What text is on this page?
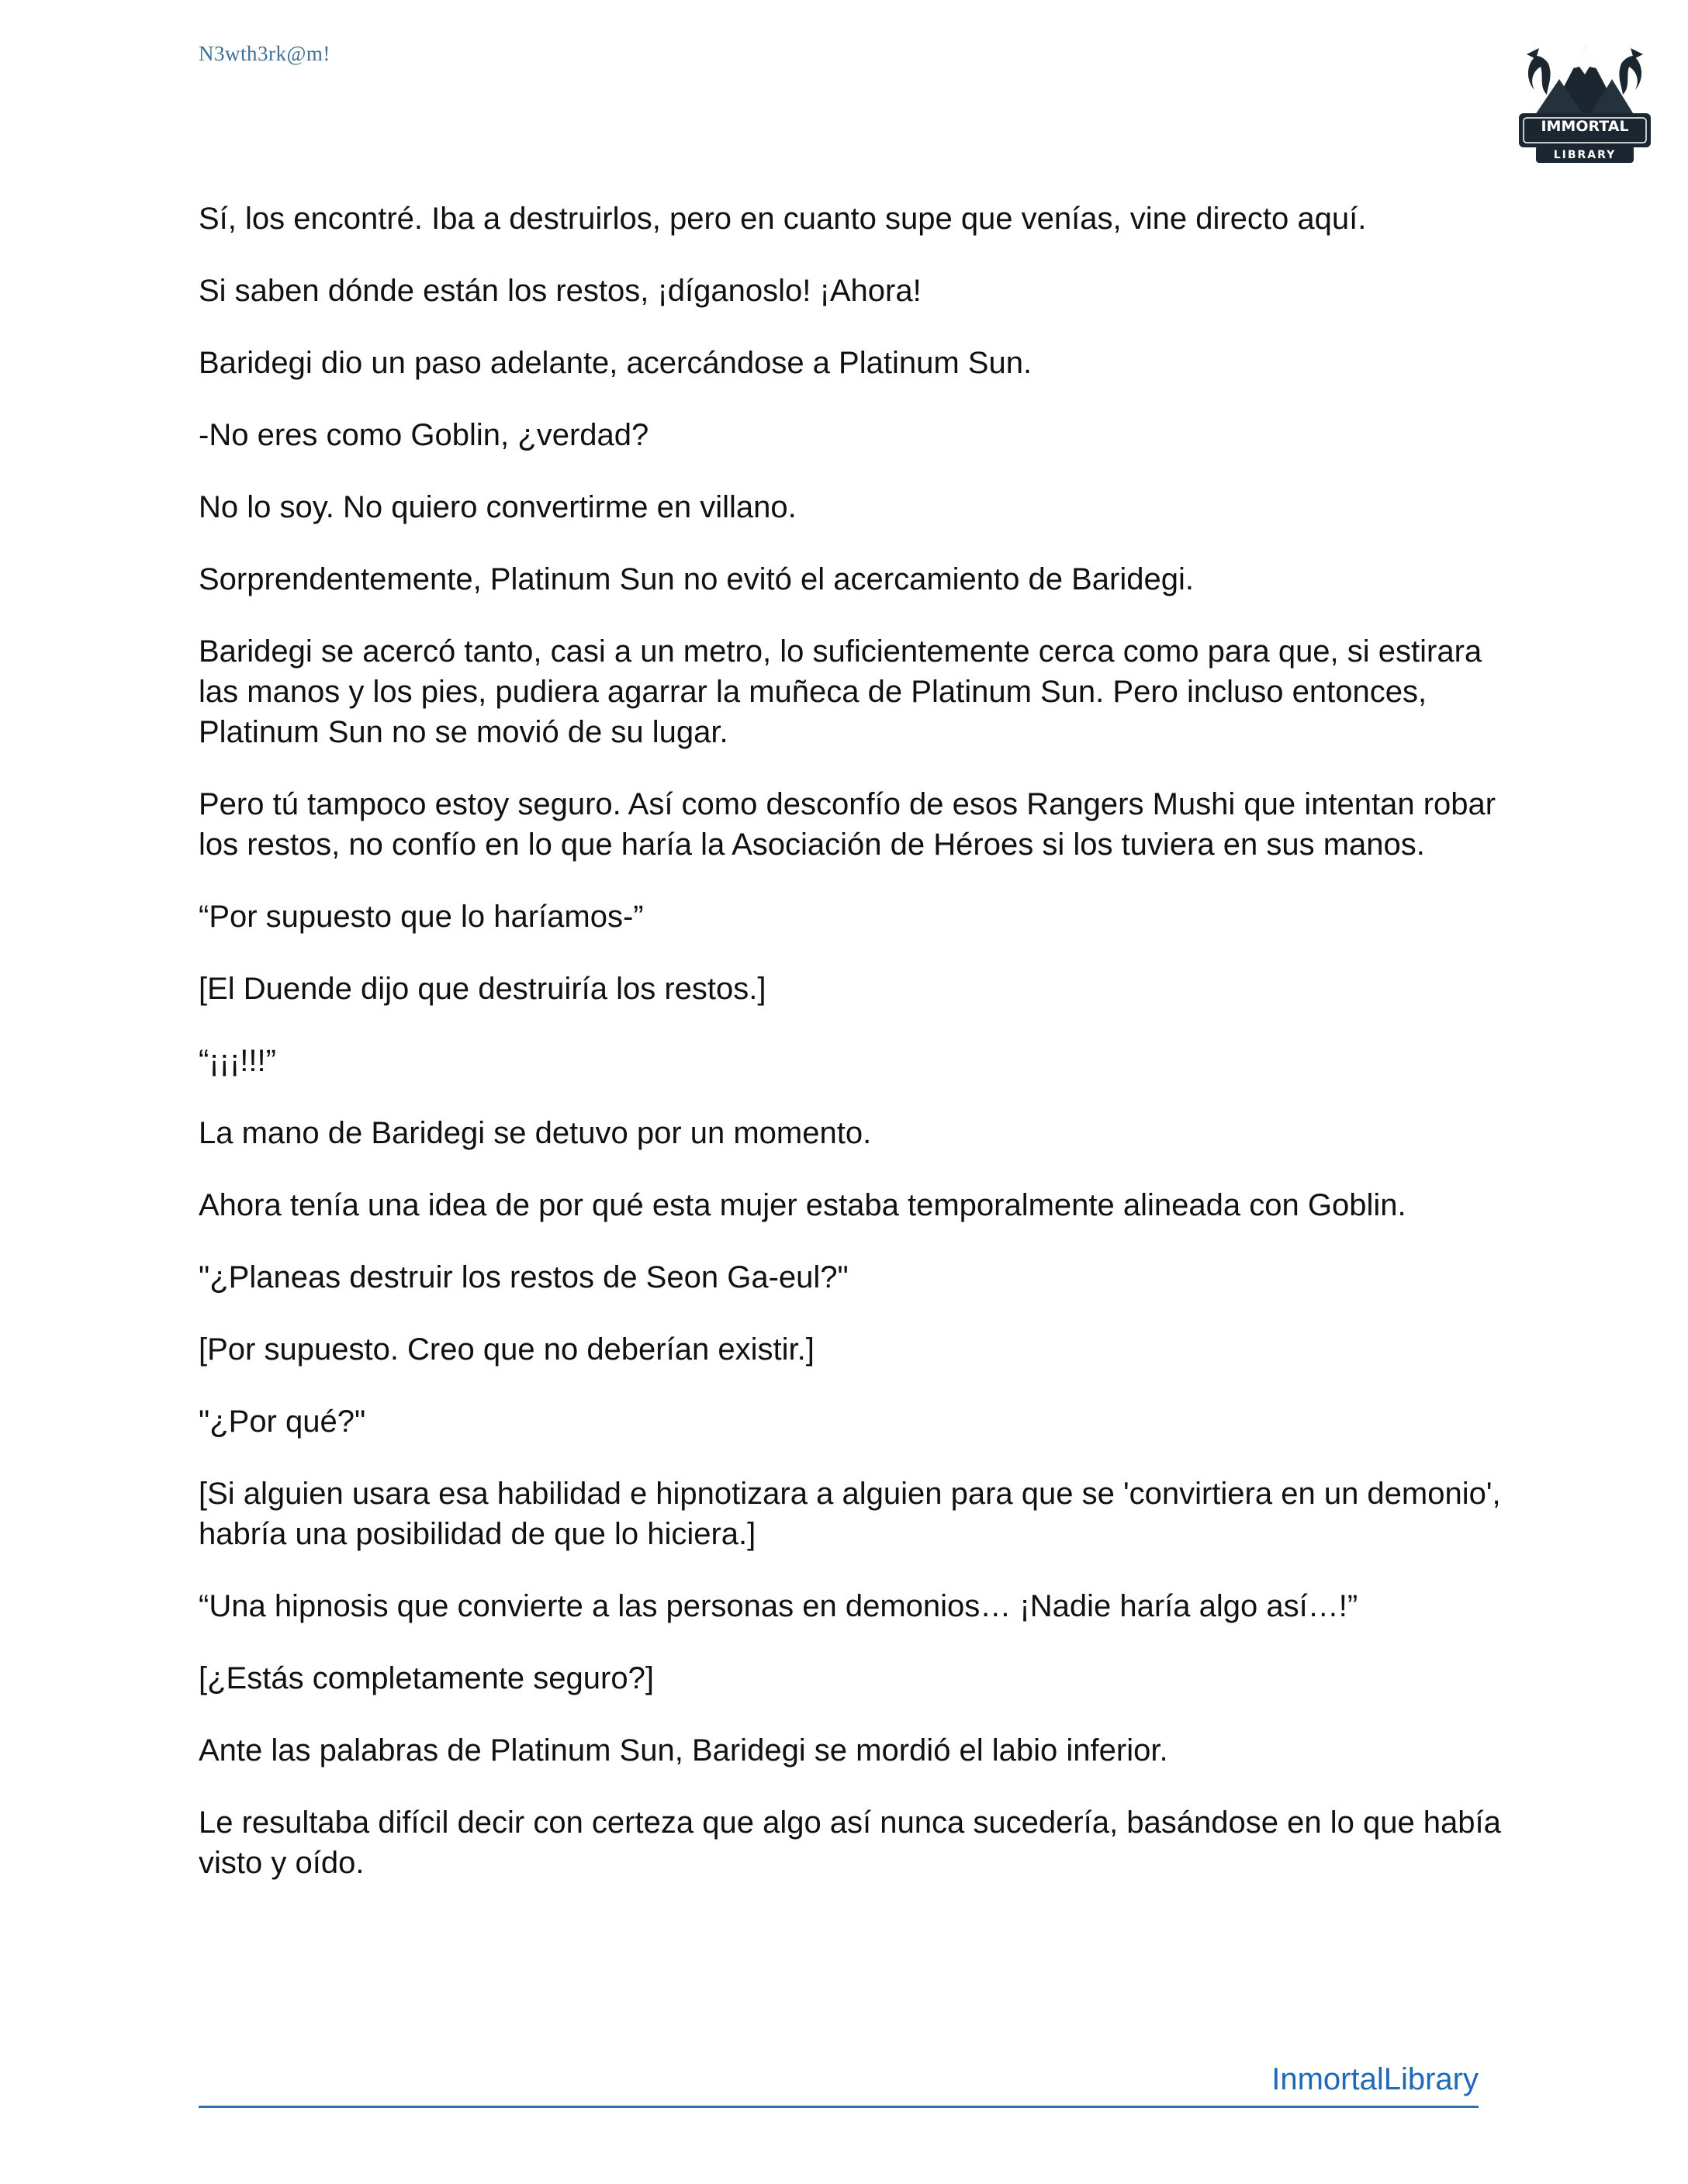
N3wth3rk@m!
IMMORTAL
LIBRARY

Sí, los encontré. Iba a destruirlos, pero en cuanto supe que venías, vine directo aquí.

Si saben dónde están los restos, ¡díganoslo! ¡Ahora!

Baridegi dio un paso adelante, acercándose a Platinum Sun.

-No eres como Goblin, ¿verdad?

No lo soy. No quiero convertirme en villano.

Sorprendentemente, Platinum Sun no evitó el acercamiento de Baridegi.

Baridegi se acercó tanto, casi a un metro, lo suficientemente cerca como para que, si estirara las manos y los pies, pudiera agarrar la muñeca de Platinum Sun. Pero incluso entonces, Platinum Sun no se movió de su lugar.

Pero tú tampoco estoy seguro. Así como desconfío de esos Rangers Mushi que intentan robar los restos, no confío en lo que haría la Asociación de Héroes si los tuviera en sus manos.

“Por supuesto que lo haríamos-”

[El Duende dijo que destruiría los restos.]

“¡¡¡!!!”

La mano de Baridegi se detuvo por un momento.

Ahora tenía una idea de por qué esta mujer estaba temporalmente alineada con Goblin.

"¿Planeas destruir los restos de Seon Ga-eul?"

[Por supuesto. Creo que no deberían existir.]

"¿Por qué?"

[Si alguien usara esa habilidad e hipnotizara a alguien para que se 'convirtiera en un demonio', habría una posibilidad de que lo hiciera.]

“Una hipnosis que convierte a las personas en demonios… ¡Nadie haría algo así…!”

[¿Estás completamente seguro?]

Ante las palabras de Platinum Sun, Baridegi se mordió el labio inferior.

Le resultaba difícil decir con certeza que algo así nunca sucedería, basándose en lo que había visto y oído.

InmortalLibrary
